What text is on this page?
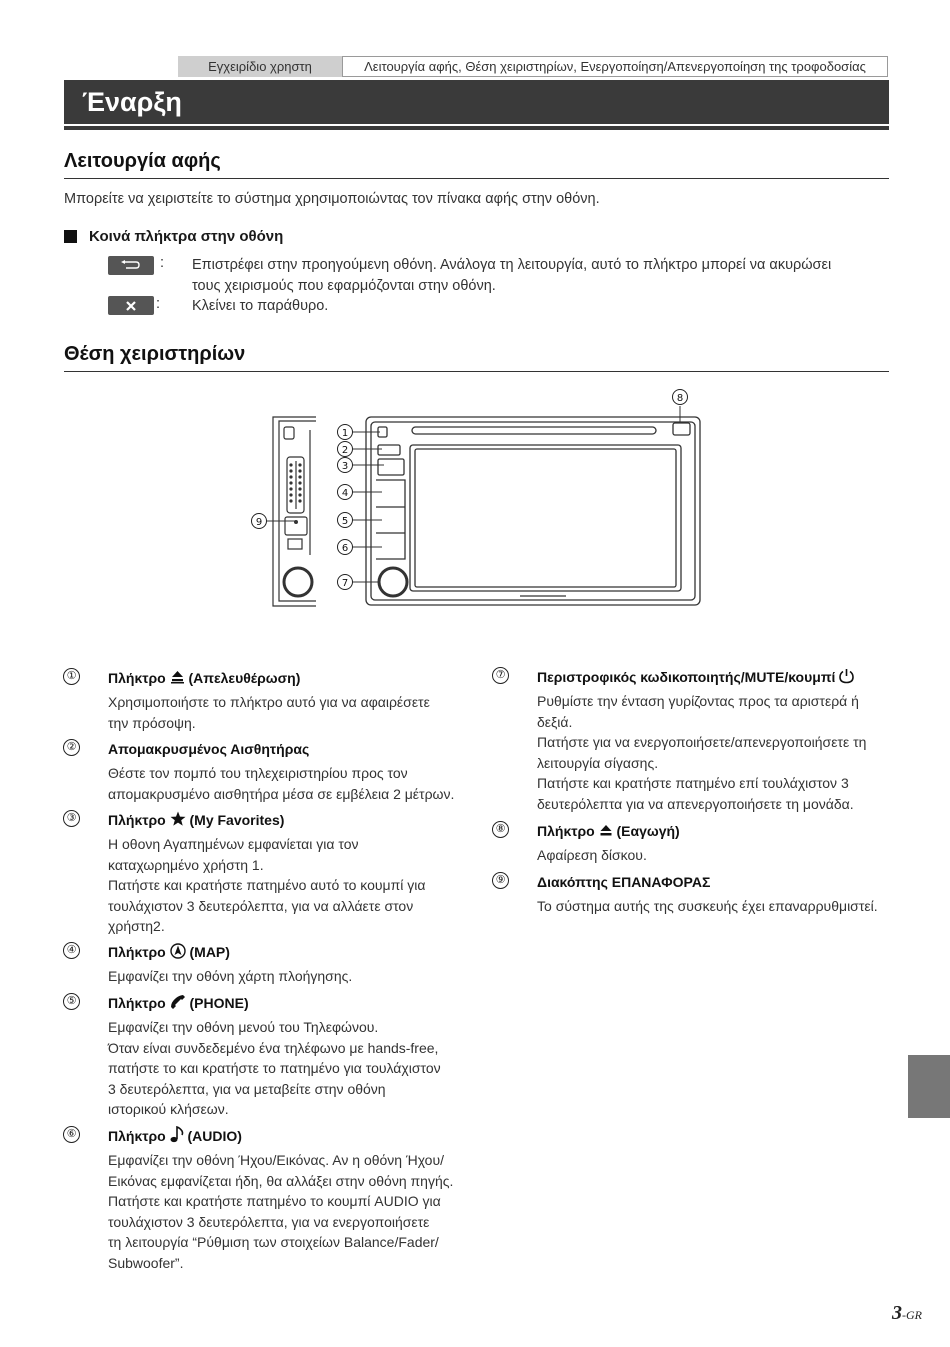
Εγχειρίδιο χρηστη	Λειτουργία αφής, Θέση χειριστηρίων, Ενεργοποίηση/Απενεργοποίηση της τροφοδοσίας
Έναρξη
Λειτουργία αφής
Μπορείτε να χειριστείτε το σύστημα χρησιμοποιώντας τον πίνακα αφής στην οθόνη.
Κοινά πλήκτρα στην οθόνη
: Επιστρέφει στην προηγούμενη οθόνη. Ανάλογα τη λειτουργία, αυτό το πλήκτρο μπορεί να ακυρώσει
τους χειρισμούς που εφαρμόζονται στην οθόνη.
: Κλείνει το παράθυρο.
Θέση χειριστηρίων
1
2
3
4
5
6
7
8
9
① Πλήκτρο  (Απελευθέρωση)
Χρησιμοποιήστε το πλήκτρο αυτό για να αφαιρέσετε
την πρόσοψη.
② Απομακρυσμένος Αισθητήρας
Θέστε τον πομπό του τηλεχειριστηρίου προς τον
απομακρυσμένο αισθητήρα μέσα σε εμβέλεια 2 μέτρων.
③ Πλήκτρο  (My Favorites)
Η οθονη Αγαπημένων εμφανίεται για τον
καταχωρημένο χρήστη 1.
Πατήστε και κρατήστε πατημένο αυτό το κουμπί για
τουλάχιστον 3 δευτερόλεπτα, για να αλλάετε στον
χρήστη2.
④ Πλήκτρο  (MAP)
Εμφανίζει την οθόνη χάρτη πλοήγησης.
⑤ Πλήκτρο  (PHONE)
Εμφανίζει την οθόνη μενού του Τηλεφώνου.
Όταν είναι συνδεδεμένο ένα τηλέφωνο με hands-free,
πατήστε το και κρατήστε το πατημένο για τουλάχιστον
3 δευτερόλεπτα, για να μεταβείτε στην οθόνη
ιστορικού κλήσεων.
⑥ Πλήκτρο  (AUDIO)
Εμφανίζει την οθόνη Ήχου/Εικόνας. Αν η οθόνη Ήχου/
Εικόνας εμφανίζεται ήδη, θα αλλάξει στην οθόνη πηγής.
Πατήστε και κρατήστε πατημένο το κουμπί AUDIO για
τουλάχιστον 3 δευτερόλεπτα, για να ενεργοποιήσετε
τη λειτουργία “Ρύθμιση των στοιχείων Balance/Fader/
Subwoofer”.
⑦ Περιστροφικός κωδικοποιητής/MUTE/κουμπί
Ρυθμίστε την ένταση γυρίζοντας προς τα αριστερά ή
δεξιά.
Πατήστε για να ενεργοποιήσετε/απενεργοποιήσετε τη
λειτουργία σίγασης.
Πατήστε και κρατήστε πατημένο επί τουλάχιστον 3
δευτερόλεπτα για να απενεργοποιήσετε τη μονάδα.
⑧ Πλήκτρο  (Εαγωγή)
Αφαίρεση δίσκου.
⑨ Διακόπτης ΕΠΑΝΑΦΟΡΑΣ
Το σύστημα αυτής της συσκευής έχει επαναρρυθμιστεί.
3-GR
